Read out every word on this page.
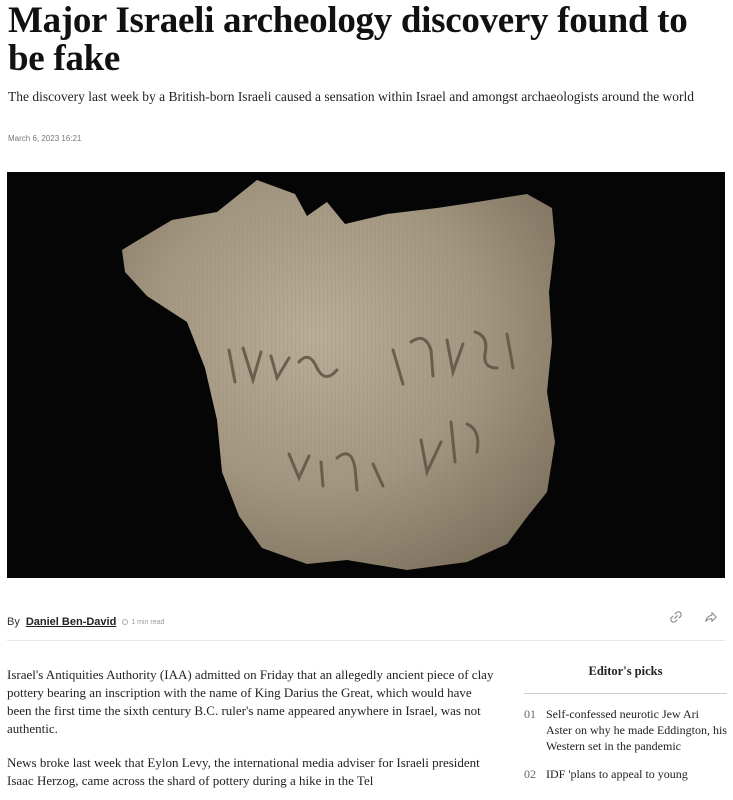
Major Israeli archeology discovery found to be fake

The discovery last week by a British-born Israeli caused a sensation within Israel and amongst archaeologists around the world

March 6, 2023 16:21
By Daniel Ben-David 1 min read

Israel's Antiquities Authority (IAA) admitted on Friday that an allegedly ancient piece of clay pottery bearing an inscription with the name of King Darius the Great, which would have been the first time the sixth century B.C. ruler's name appeared anywhere in Israel, was not authentic.

News broke last week that Eylon Levy, the international media adviser for Israeli president Isaac Herzog, came across the shard of pottery during a hike in the Tel

Editor's picks
01 Self-confessed neurotic Jew Ari Aster on why he made Eddington, his Western set in the pandemic
02 IDF 'plans to appeal to young
